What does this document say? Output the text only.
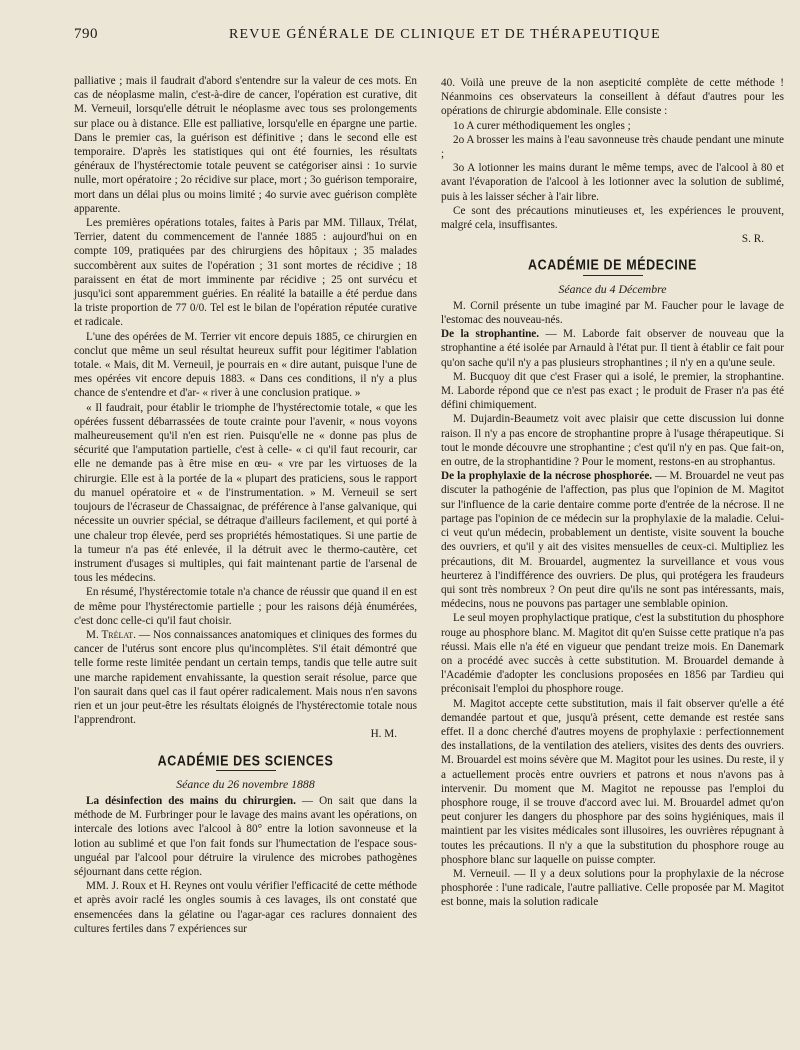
790	REVUE GÉNÉRALE DE CLINIQUE ET DE THÉRAPEUTIQUE

palliative ; mais il faudrait d'abord s'entendre sur la valeur de ces mots. En cas de néoplasme malin, c'est-à-dire de cancer, l'opération est curative, dit M. Verneuil, lorsqu'elle détruit le néoplasme avec tous ses prolongements sur place ou à distance. Elle est palliative, lorsqu'elle en épargne une partie. Dans le premier cas, la guérison est définitive ; dans le second elle est temporaire. D'après les statistiques qui ont été fournies, les résultats généraux de l'hystérectomie totale peuvent se catégoriser ainsi : 1o survie nulle, mort opératoire ; 2o récidive sur place, mort ; 3o guérison temporaire, mort dans un délai plus ou moins limité ; 4o survie avec guérison complète apparente.

Les premières opérations totales, faites à Paris par MM. Tillaux, Trélat, Terrier, datent du commencement de l'année 1885 : aujourd'hui on en compte 109, pratiquées par des chirurgiens des hôpitaux ; 35 malades succombèrent aux suites de l'opération ; 31 sont mortes de récidive ; 18 paraissent en état de mort imminente par récidive ; 25 ont survécu et jusqu'ici sont apparemment guéries. En réalité la bataille a été perdue dans la triste proportion de 77 0/0. Tel est le bilan de l'opération réputée curative et radicale.

L'une des opérées de M. Terrier vit encore depuis 1885, ce chirurgien en conclut que même un seul résultat heureux suffit pour légitimer l'ablation totale. « Mais, dit M. Verneuil, je pourrais en « dire autant, puisque l'une de mes opérées vit encore depuis 1883. « Dans ces conditions, il n'y a plus chance de s'entendre et d'ar- « river à une conclusion pratique. »

« Il faudrait, pour établir le triomphe de l'hystérectomie totale, « que les opérées fussent débarrassées de toute crainte pour l'avenir, « nous voyons malheureusement qu'il n'en est rien. Puisqu'elle ne « donne pas plus de sécurité que l'amputation partielle, c'est à celle- « ci qu'il faut recourir, car elle ne demande pas à être mise en œu- « vre par les virtuoses de la chirurgie. Elle est à la portée de la « plupart des praticiens, sous le rapport du manuel opératoire et « de l'instrumentation. » M. Verneuil se sert toujours de l'écraseur de Chassaignac, de préférence à l'anse galvanique, qui nécessite un ouvrier spécial, se détraque d'ailleurs facilement, et qui porté à une chaleur trop élevée, perd ses propriétés hémostatiques. Si une partie de la tumeur n'a pas été enlevée, il la détruit avec le thermo-cautère, cet instrument d'usages si multiples, qui fait maintenant partie de l'arsenal de tous les médecins.

En résumé, l'hystérectomie totale n'a chance de réussir que quand il en est de même pour l'hystérectomie partielle ; pour les raisons déjà énumérées, c'est donc celle-ci qu'il faut choisir.

M. Trélat. — Nos connaissances anatomiques et cliniques des formes du cancer de l'utérus sont encore plus qu'incomplètes. S'il était démontré que telle forme reste limitée pendant un certain temps, tandis que telle autre suit une marche rapidement envahissante, la question serait résolue, parce que l'on saurait dans quel cas il faut opérer radicalement. Mais nous n'en savons rien et un jour peut-être les résultats éloignés de l'hystérectomie totale nous l'apprendront.

H. M.

ACADÉMIE DES SCIENCES
Séance du 26 novembre 1888

La désinfection des mains du chirurgien. — On sait que dans la méthode de M. Furbringer pour le lavage des mains avant les opérations, on intercale des lotions avec l'alcool à 80° entre la lotion savonneuse et la lotion au sublimé et que l'on fait fonds sur l'humectation de l'espace sous-unguéal par l'alcool pour détruire la virulence des microbes pathogènes séjournant dans cette région.

MM. J. Roux et H. Reynes ont voulu vérifier l'efficacité de cette méthode et après avoir raclé les ongles soumis à ces lavages, ils ont constaté que ensemencées dans la gélatine ou l'agar-agar ces raclures donnaient des cultures fertiles dans 7 expériences sur

40. Voilà une preuve de la non asepticité complète de cette méthode ! Néanmoins ces observateurs la conseillent à défaut d'autres pour les opérations de chirurgie abdominale. Elle consiste :

1o A curer méthodiquement les ongles ;

2o A brosser les mains à l'eau savonneuse très chaude pendant une minute ;

3o A lotionner les mains durant le même temps, avec de l'alcool à 80 et avant l'évaporation de l'alcool à les lotionner avec la solution de sublimé, puis à les laisser sécher à l'air libre.

Ce sont des précautions minutieuses et, les expériences le prouvent, malgré cela, insuffisantes.

S. R.

ACADÉMIE DE MÉDECINE
Séance du 4 Décembre

M. Cornil présente un tube imaginé par M. Faucher pour le lavage de l'estomac des nouveau-nés.

De la strophantine. — M. Laborde fait observer de nouveau que la strophantine a été isolée par Arnauld à l'état pur. Il tient à établir ce fait pour qu'on sache qu'il n'y a pas plusieurs strophantines ; il n'y en a qu'une seule.

M. Bucquoy dit que c'est Fraser qui a isolé, le premier, la strophantine. M. Laborde répond que ce n'est pas exact ; le produit de Fraser n'a pas été défini chimiquement.

M. Dujardin-Beaumetz voit avec plaisir que cette discussion lui donne raison. Il n'y a pas encore de strophantine propre à l'usage thérapeutique. Si tout le monde découvre une strophantine ; c'est qu'il n'y en pas. Que fait-on, en outre, de la strophantidine ? Pour le moment, restons-en au strophantus.

De la prophylaxie de la nécrose phosphorée. — M. Brouardel ne veut pas discuter la pathogénie de l'affection, pas plus que l'opinion de M. Magitot sur l'influence de la carie dentaire comme porte d'entrée de la nécrose. Il ne partage pas l'opinion de ce médecin sur la prophylaxie de la maladie. Celui-ci veut qu'un médecin, probablement un dentiste, visite souvent la bouche des ouvriers, et qu'il y ait des visites mensuelles de ceux-ci. Multipliez les précautions, dit M. Brouardel, augmentez la surveillance et vous vous heurterez à l'indifférence des ouvriers. De plus, qui protégera les fraudeurs qui sont très nombreux ? On peut dire qu'ils ne sont pas intéressants, mais, médecins, nous ne pouvons pas partager une semblable opinion.

Le seul moyen prophylactique pratique, c'est la substitution du phosphore rouge au phosphore blanc. M. Magitot dit qu'en Suisse cette pratique n'a pas réussi. Mais elle n'a été en vigueur que pendant treize mois. En Danemark on a procédé avec succès à cette substitution. M. Brouardel demande à l'Académie d'adopter les conclusions proposées en 1856 par Tardieu qui préconisait l'emploi du phosphore rouge.

M. Magitot accepte cette substitution, mais il fait observer qu'elle a été demandée partout et que, jusqu'à présent, cette demande est restée sans effet. Il a donc cherché d'autres moyens de prophylaxie : perfectionnement des installations, de la ventilation des ateliers, visites des dents des ouvriers. M. Brouardel est moins sévère que M. Magitot pour les usines. Du reste, il y a actuellement procès entre ouvriers et patrons et nous n'avons pas à intervenir. Du moment que M. Magitot ne repousse pas l'emploi du phosphore rouge, il se trouve d'accord avec lui. M. Brouardel admet qu'on peut conjurer les dangers du phosphore par des soins hygiéniques, mais il maintient par les visites médicales sont illusoires, les ouvrières répugnant à toutes les précautions. Il n'y a que la substitution du phosphore rouge au phosphore blanc sur laquelle on puisse compter.

M. Verneuil. — Il y a deux solutions pour la prophylaxie de la nécrose phosphorée : l'une radicale, l'autre palliative. Celle proposée par M. Magitot est bonne, mais la solution radicale
